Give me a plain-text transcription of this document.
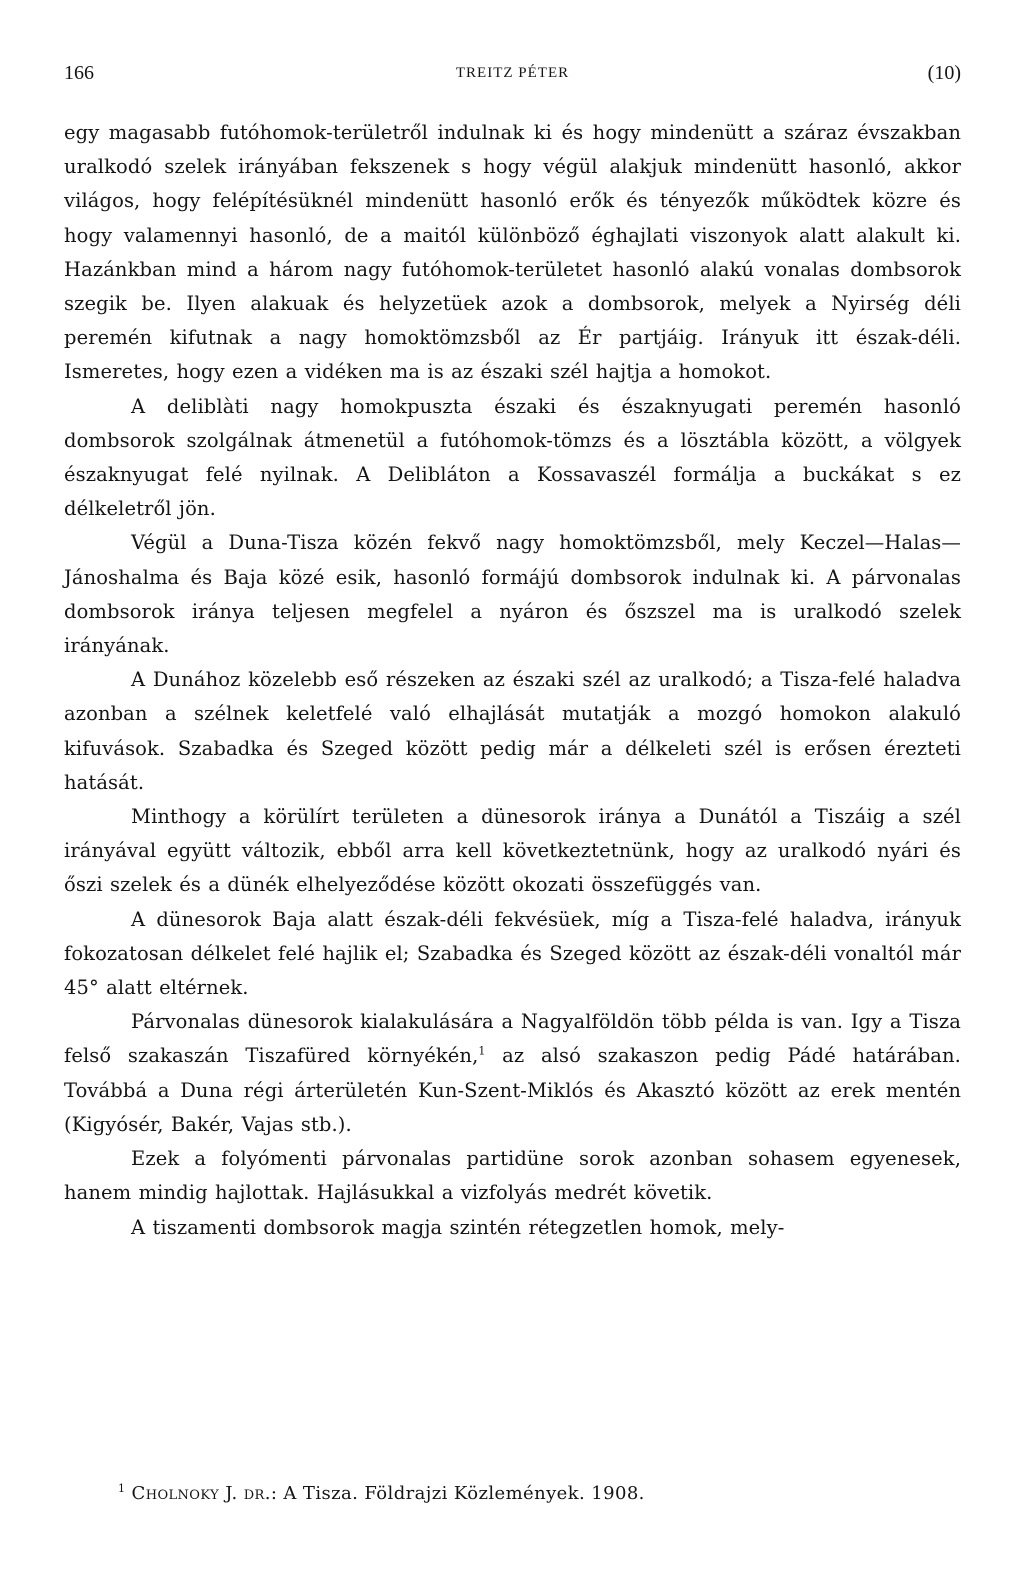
166	TREITZ PÉTER	(10)

egy magasabb futóhomok-területről indulnak ki és hogy mindenütt a száraz évszakban uralkodó szelek irányában fekszenek s hogy végül alakjuk mindenütt hasonló, akkor világos, hogy felépítésüknél mindenütt hasonló erők és tényezők működtek közre és hogy valamennyi hasonló, de a maitól különböző éghajlati viszonyok alatt alakult ki. Hazánkban mind a három nagy futóhomok-területet hasonló alakú vonalas dombsorok szegik be. Ilyen alakuak és helyzetüek azok a dombsorok, melyek a Nyirség déli peremén kifutnak a nagy homoktömzsből az Ér partjáig. Irányuk itt észak-déli. Ismeretes, hogy ezen a vidéken ma is az északi szél hajtja a homokot.

A deliblàti nagy homokpuszta északi és északnyugati peremén hasonló dombsorok szolgálnak átmenetül a futóhomok-tömzs és a lösztábla között, a völgyek északnyugat felé nyilnak. A Delibláton a Kossavaszél formálja a buckákat s ez délkeletről jön.

Végül a Duna-Tisza közén fekvő nagy homoktömzsből, mely Keczel—Halas—Jánoshalma és Baja közé esik, hasonló formájú dombsorok indulnak ki. A párvonalas dombsorok iránya teljesen megfelel a nyáron és őszszel ma is uralkodó szelek irányának.

A Dunához közelebb eső részeken az északi szél az uralkodó; a Tisza-felé haladva azonban a szélnek keletfelé való elhajlását mutatják a mozgó homokon alakuló kifuvások. Szabadka és Szeged között pedig már a délkeleti szél is erősen érezteti hatását.

Minthogy a körülírt területen a dünesorok iránya a Dunától a Tiszáig a szél irányával együtt változik, ebből arra kell következtetnünk, hogy az uralkodó nyári és őszi szelek és a dünék elhelyeződése között okozati összefüggés van.

A dünesorok Baja alatt észak-déli fekvésüek, míg a Tisza-felé haladva, irányuk fokozatosan délkelet felé hajlik el; Szabadka és Szeged között az észak-déli vonaltól már 45° alatt eltérnek.

Párvonalas dünesorok kialakulására a Nagyalföldön több példa is van. Igy a Tisza felső szakaszán Tiszafüred környékén,$^1$ az alsó szakaszon pedig Pádé határában. Továbbá a Duna régi árterületén Kun-Szent-Miklós és Akasztó között az erek mentén (Kigyósér, Bakér, Vajas stb.).

Ezek a folyómenti párvonalas partidüne sorok azonban sohasem egyenesek, hanem mindig hajlottak. Hajlásukkal a vizfolyás medrét követik.

A tiszamenti dombsorok magja szintén rétegzetlen homok, mely-

$^1$ Cholnoky J. dr.: A Tisza. Földrajzi Közlemények. 1908.
